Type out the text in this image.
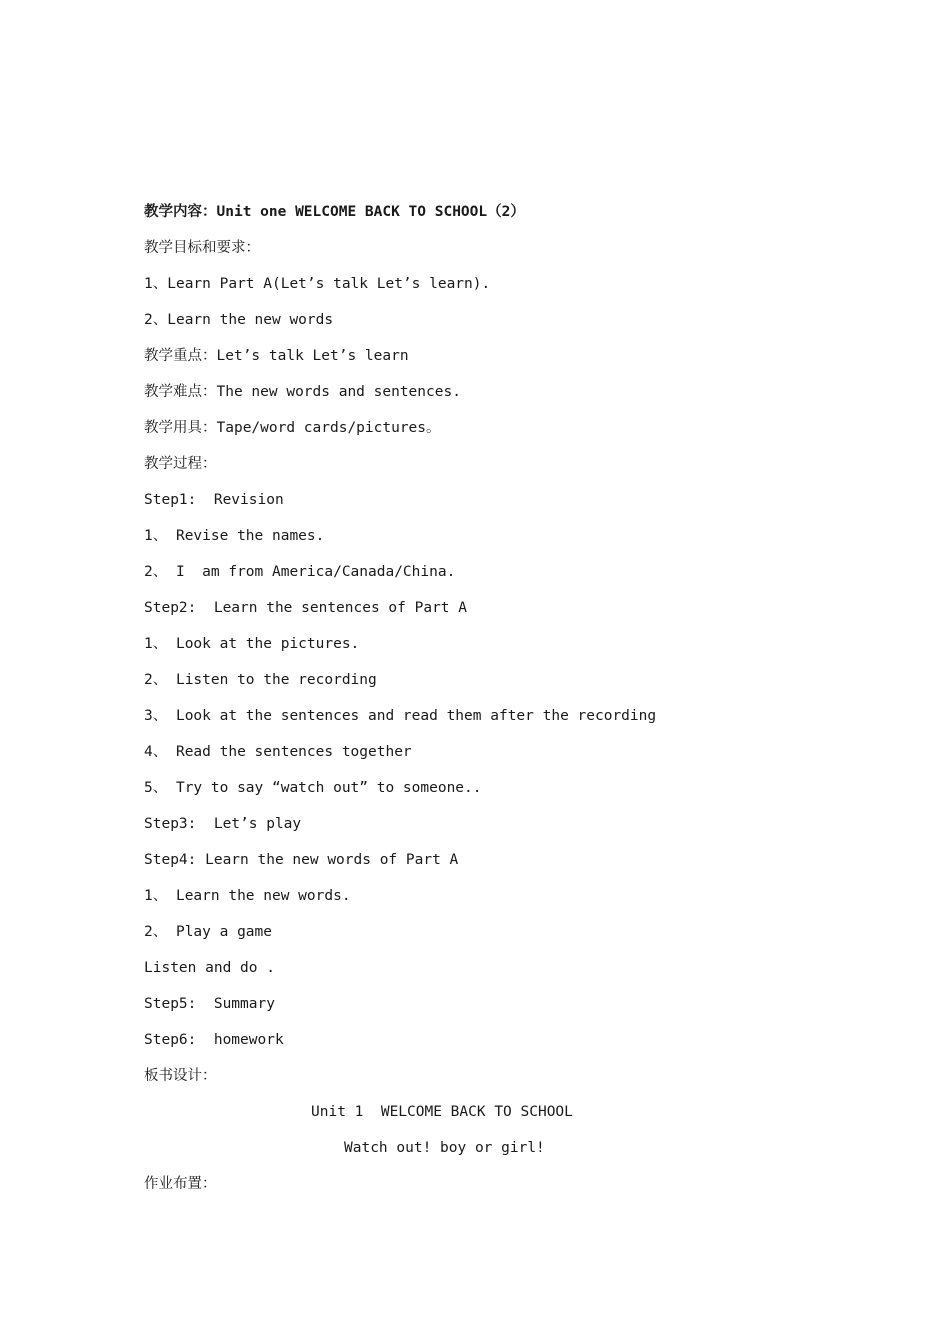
教学内容：Unit one WELCOME BACK TO SCHOOL（2）
教学目标和要求：
1、Learn Part A(Let’s talk Let’s learn).
2、Learn the new words
教学重点：Let’s talk Let’s learn
教学难点：The new words and sentences.
教学用具：Tape/word cards/pictures。
教学过程：
Step1:  Revision
1、 Revise the names.
2、 I  am from America/Canada/China.
Step2:  Learn the sentences of Part A
1、 Look at the pictures.
2、 Listen to the recording
3、 Look at the sentences and read them after the recording
4、 Read the sentences together
5、 Try to say “watch out” to someone..
Step3:  Let’s play
Step4: Learn the new words of Part A
1、 Learn the new words.
2、 Play a game
Listen and do .
Step5:  Summary
Step6:  homework
板书设计：
Unit 1  WELCOME BACK TO SCHOOL
Watch out! boy or girl!
作业布置：
